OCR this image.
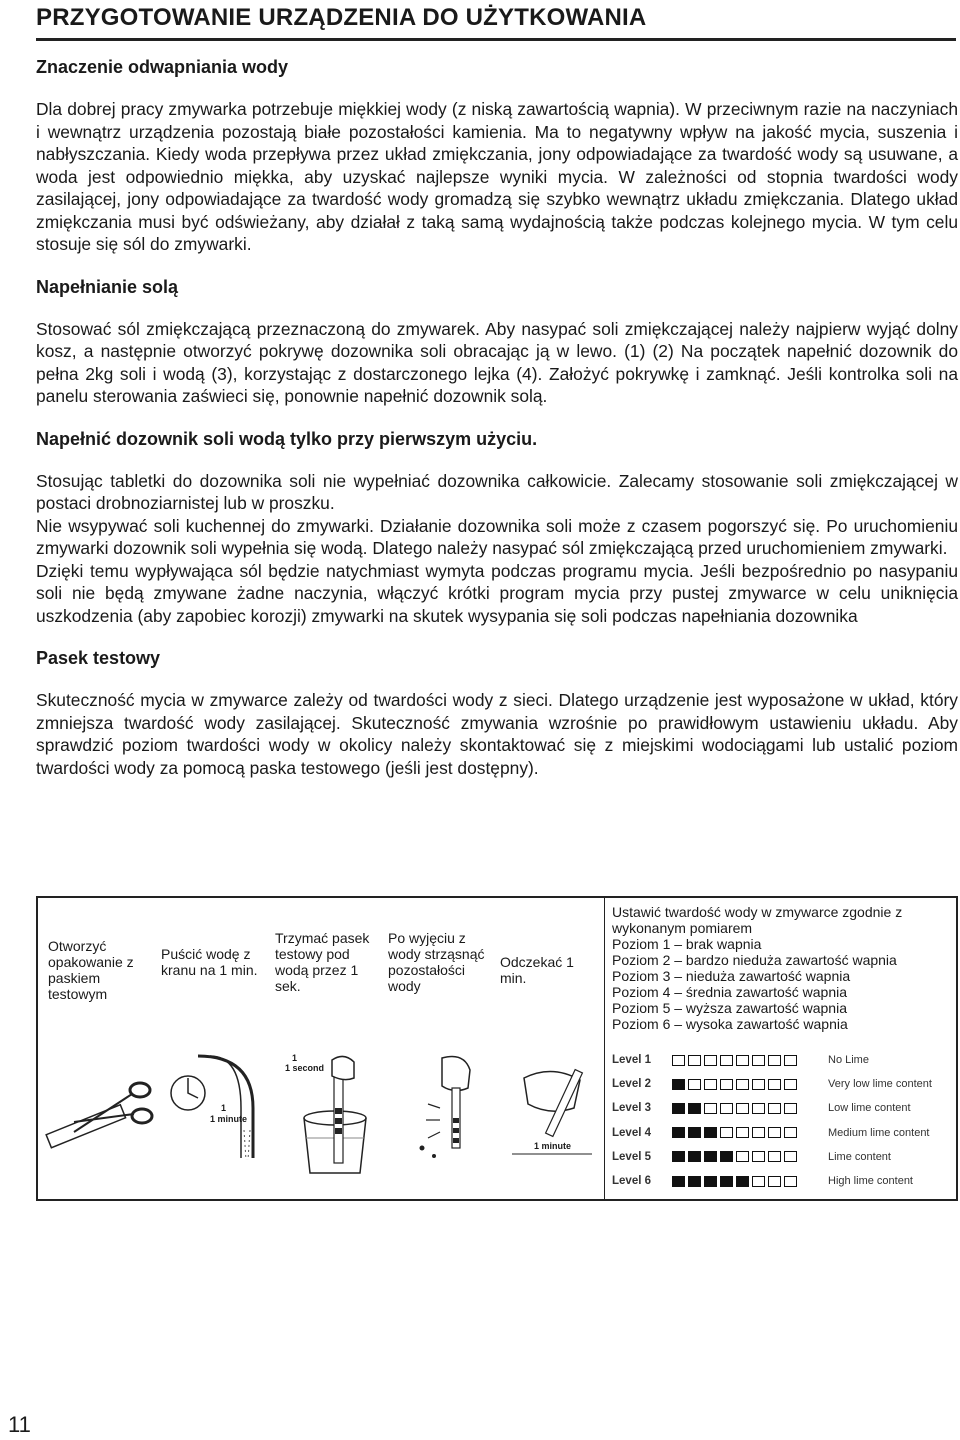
PRZYGOTOWANIE URZĄDZENIA DO UŻYTKOWANIA
Znaczenie odwapniania wody

Dla dobrej pracy zmywarka potrzebuje miękkiej wody (z niską zawartością wapnia). W przeciwnym razie na naczyniach i wewnątrz urządzenia pozostają białe pozostałości kamienia. Ma to negatywny wpływ na jakość mycia, suszenia i nabłyszczania. Kiedy woda przepływa przez układ zmiękczania, jony odpowiadające za twardość wody są usuwane, a woda jest odpowiednio miękka, aby uzyskać najlepsze wyniki mycia. W zależności od stopnia twardości wody zasilającej, jony odpowiadające za twardość wody gromadzą się szybko wewnątrz układu zmiękczania. Dlatego układ zmiękczania musi być odświeżany, aby działał z taką samą wydajnością także podczas kolejnego mycia. W tym celu stosuje się sól do zmywarki.

Napełnianie solą

Stosować sól zmiękczającą przeznaczoną do zmywarek. Aby nasypać soli zmiękczającej należy najpierw wyjąć dolny kosz, a następnie otworzyć pokrywę dozownika soli obracając ją w lewo. (1) (2) Na początek napełnić dozownik do pełna 2kg soli i wodą (3), korzystając z dostarczonego lejka (4). Założyć pokrywkę i zamknąć. Jeśli kontrolka soli na panelu sterowania zaświeci się, ponownie napełnić dozownik solą.

Napełnić dozownik soli wodą tylko przy pierwszym użyciu.

Stosując tabletki do dozownika soli nie wypełniać dozownika całkowicie. Zalecamy stosowanie soli zmiękczającej w postaci drobnoziarnistej lub w proszku.

Nie wsypywać soli kuchennej do zmywarki. Działanie dozownika soli może z czasem pogorszyć się. Po uruchomieniu zmywarki dozownik soli wypełnia się wodą. Dlatego należy nasypać sól zmiękczającą przed uruchomieniem zmywarki.

Dzięki temu wypływająca sól będzie natychmiast wymyta podczas programu mycia. Jeśli bezpośrednio po nasypaniu soli nie będą zmywane żadne naczynia, włączyć krótki program mycia przy pustej zmywarce w celu uniknięcia uszkodzenia (aby zapobiec korozji) zmywarki na skutek wysypania się soli podczas napełniania dozownika

Pasek testowy

Skuteczność mycia w zmywarce zależy od twardości wody z sieci. Dlatego urządzenie jest wyposażone w układ, który zmniejsza twardość wody zasilającej. Skuteczność zmywania wzrośnie po prawidłowym ustawieniu układu. Aby sprawdzić poziom twardości wody w okolicy należy skontaktować się z miejskimi wodociągami lub ustalić poziom twardości wody za pomocą paska testowego (jeśli jest dostępny).

Otworzyć opakowanie z paskiem testowym
Puścić wodę z kranu na 1 min.
Trzymać pasek testowy pod wodą przez 1 sek.
Po wyjęciu z wody strząsnąć pozostałości wody
Odczekać 1 min.
1
1 minute
1
1 second
1 minute
Ustawić twardość wody w zmywarce zgodnie z wykonanym pomiarem
Poziom 1 – brak wapnia
Poziom 2 – bardzo nieduża zawartość wapnia
Poziom 3 – nieduża zawartość wapnia
Poziom 4 – średnia zawartość wapnia
Poziom 5 – wyższa zawartość wapnia
Poziom 6 – wysoka zawartość wapnia
Level 1	No Lime
Level 2	Very low lime content
Level 3	Low lime content
Level 4	Medium lime content
Level 5	Lime content
Level 6	High lime content
11
